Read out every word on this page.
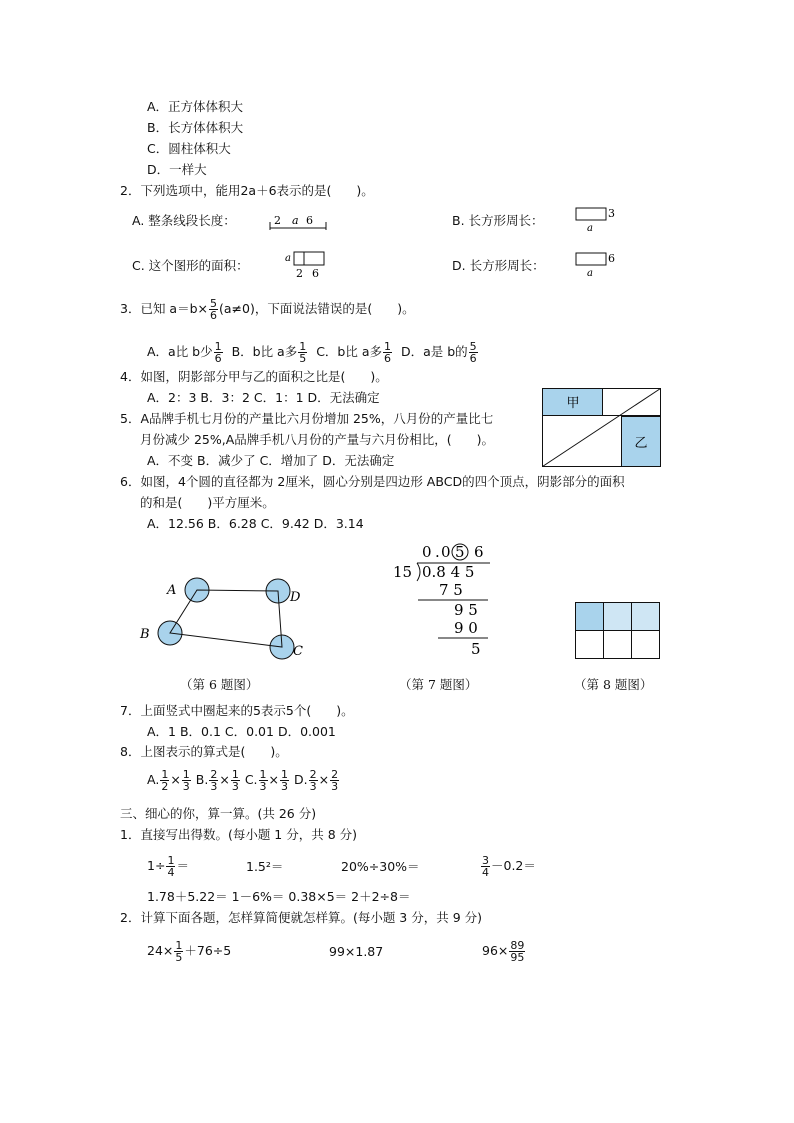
A．正方体体积大
B．长方体体积大
C．圆柱体积大
D．一样大
2．下列选项中，能用2a＋6表示的是(　　)。
A. 整条线段长度：	2 a 6	B. 长方形周长：	3
a
C. 这个图形的面积：	a
2 6
D. 长方形周长：	6
a
3．已知 $a=b\times \frac{5}{6} (a\ne 0)$，下面说法错误的是(　　)。
A．a比 b少 $\frac{1}{6}$ B．b比 a多 $\frac{1}{5}$ C．b比 a多 $\frac{1}{6}$ D．a是 b的 $\frac{5}{6}$
4．如图，阴影部分甲与乙的面积之比是(　　)。
A．2：3 B．3：2 C．1：1 D．无法确定	甲
乙
5．A品牌手机七月份的产量比六月份增加 25%，八月份的产量比七
月份减少 25%,A品牌手机八月份的产量与六月份相比，(　　)。
A．不变 B．减少了 C．增加了 D．无法确定
6．如图，4个圆的直径都为 2厘米，圆心分别是四边形 ABCD的四个顶点，阴影部分的面积
的和是(　　)平方厘米。
A．12.56 B．6.28 C．9.42 D．3.14
A
B
C
D
0 . 0 5 6
15 0.8 4 5
7 5
9 5
9 0
5
（第 6 题图）	（第 7 题图）	（第 8 题图）
7．上面竖式中圈起来的5表示5个(　　)。
A．1 B．0.1 C．0.01 D．0.001
8．上图表示的算式是(　　)。
A. $\frac{1}{2} \times \frac{1}{3} B$. $\frac{2}{3} \times \frac{1}{3} C$. $\frac{1}{3} \times \frac{1}{3} D$. $\frac{2}{3} \times \frac{2}{3}$
三、细心的你，算一算。(共 26 分)
1．直接写出得数。(每小题 1 分，共 8 分)
$1\div \frac{1}{4}$ ＝	1.5²＝	20%÷30%＝	$\frac{3}{4} -0.2=$
1.78＋5.22＝ 1－6%＝ 0.38×5＝ 2＋2÷8＝
2．计算下面各题，怎样算简便就怎样算。(每小题 3 分，共 9 分)
$24\times \frac{1}{5} +76\div 5$	99×1.87	$96\times \frac{89}{95}$
